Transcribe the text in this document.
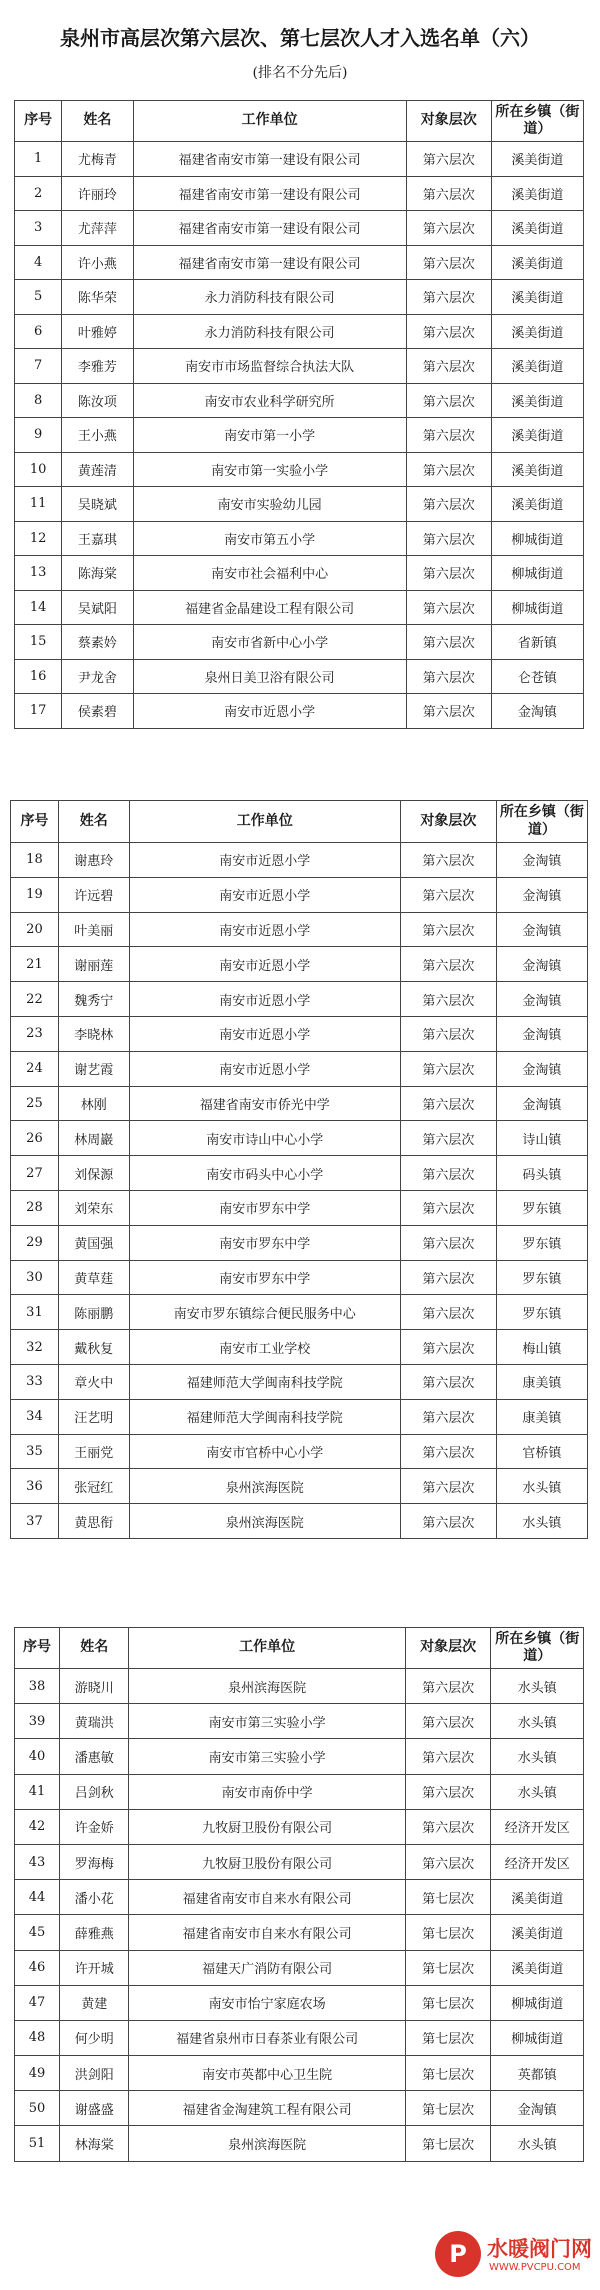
泉州市高层次第六层次、第七层次人才入选名单（六）
(排名不分先后)
序号	姓名	工作单位	对象层次	所在乡镇（街道）
1	尤梅青	福建省南安市第一建设有限公司	第六层次	溪美街道
2	许丽玲	福建省南安市第一建设有限公司	第六层次	溪美街道
3	尤萍萍	福建省南安市第一建设有限公司	第六层次	溪美街道
4	许小燕	福建省南安市第一建设有限公司	第六层次	溪美街道
5	陈华荣	永力消防科技有限公司	第六层次	溪美街道
6	叶雅婷	永力消防科技有限公司	第六层次	溪美街道
7	李雅芳	南安市市场监督综合执法大队	第六层次	溪美街道
8	陈汝项	南安市农业科学研究所	第六层次	溪美街道
9	王小燕	南安市第一小学	第六层次	溪美街道
10	黄莲清	南安市第一实验小学	第六层次	溪美街道
11	吴晓斌	南安市实验幼儿园	第六层次	溪美街道
12	王嘉琪	南安市第五小学	第六层次	柳城街道
13	陈海棠	南安市社会福利中心	第六层次	柳城街道
14	吴斌阳	福建省金晶建设工程有限公司	第六层次	柳城街道
15	蔡素妗	南安市省新中心小学	第六层次	省新镇
16	尹龙舍	泉州日美卫浴有限公司	第六层次	仑苍镇
17	侯素碧	南安市近恩小学	第六层次	金淘镇
序号	姓名	工作单位	对象层次	所在乡镇（街道）
18	谢惠玲	南安市近恩小学	第六层次	金淘镇
19	许远碧	南安市近恩小学	第六层次	金淘镇
20	叶美丽	南安市近恩小学	第六层次	金淘镇
21	谢丽莲	南安市近恩小学	第六层次	金淘镇
22	魏秀宁	南安市近恩小学	第六层次	金淘镇
23	李晓林	南安市近恩小学	第六层次	金淘镇
24	谢艺霞	南安市近恩小学	第六层次	金淘镇
25	林刚	福建省南安市侨光中学	第六层次	金淘镇
26	林周巖	南安市诗山中心小学	第六层次	诗山镇
27	刘保源	南安市码头中心小学	第六层次	码头镇
28	刘荣东	南安市罗东中学	第六层次	罗东镇
29	黄国强	南安市罗东中学	第六层次	罗东镇
30	黄草莛	南安市罗东中学	第六层次	罗东镇
31	陈丽鹏	南安市罗东镇综合便民服务中心	第六层次	罗东镇
32	戴秋复	南安市工业学校	第六层次	梅山镇
33	章火中	福建师范大学闽南科技学院	第六层次	康美镇
34	汪艺明	福建师范大学闽南科技学院	第六层次	康美镇
35	王丽党	南安市官桥中心小学	第六层次	官桥镇
36	张冠红	泉州滨海医院	第六层次	水头镇
37	黄思衔	泉州滨海医院	第六层次	水头镇
序号	姓名	工作单位	对象层次	所在乡镇（街道）
38	游晓川	泉州滨海医院	第六层次	水头镇
39	黄瑞洪	南安市第三实验小学	第六层次	水头镇
40	潘惠敏	南安市第三实验小学	第六层次	水头镇
41	吕剑秋	南安市南侨中学	第六层次	水头镇
42	许金娇	九牧厨卫股份有限公司	第六层次	经济开发区
43	罗海梅	九牧厨卫股份有限公司	第六层次	经济开发区
44	潘小花	福建省南安市自来水有限公司	第七层次	溪美街道
45	薛雅燕	福建省南安市自来水有限公司	第七层次	溪美街道
46	许开城	福建天广消防有限公司	第七层次	溪美街道
47	黄建	南安市怡宁家庭农场	第七层次	柳城街道
48	何少明	福建省泉州市日春茶业有限公司	第七层次	柳城街道
49	洪剑阳	南安市英都中心卫生院	第七层次	英都镇
50	谢盛盛	福建省金淘建筑工程有限公司	第七层次	金淘镇
51	林海棠	泉州滨海医院	第七层次	水头镇
P 水暖阀门网
WWW.PVCPU.COM
